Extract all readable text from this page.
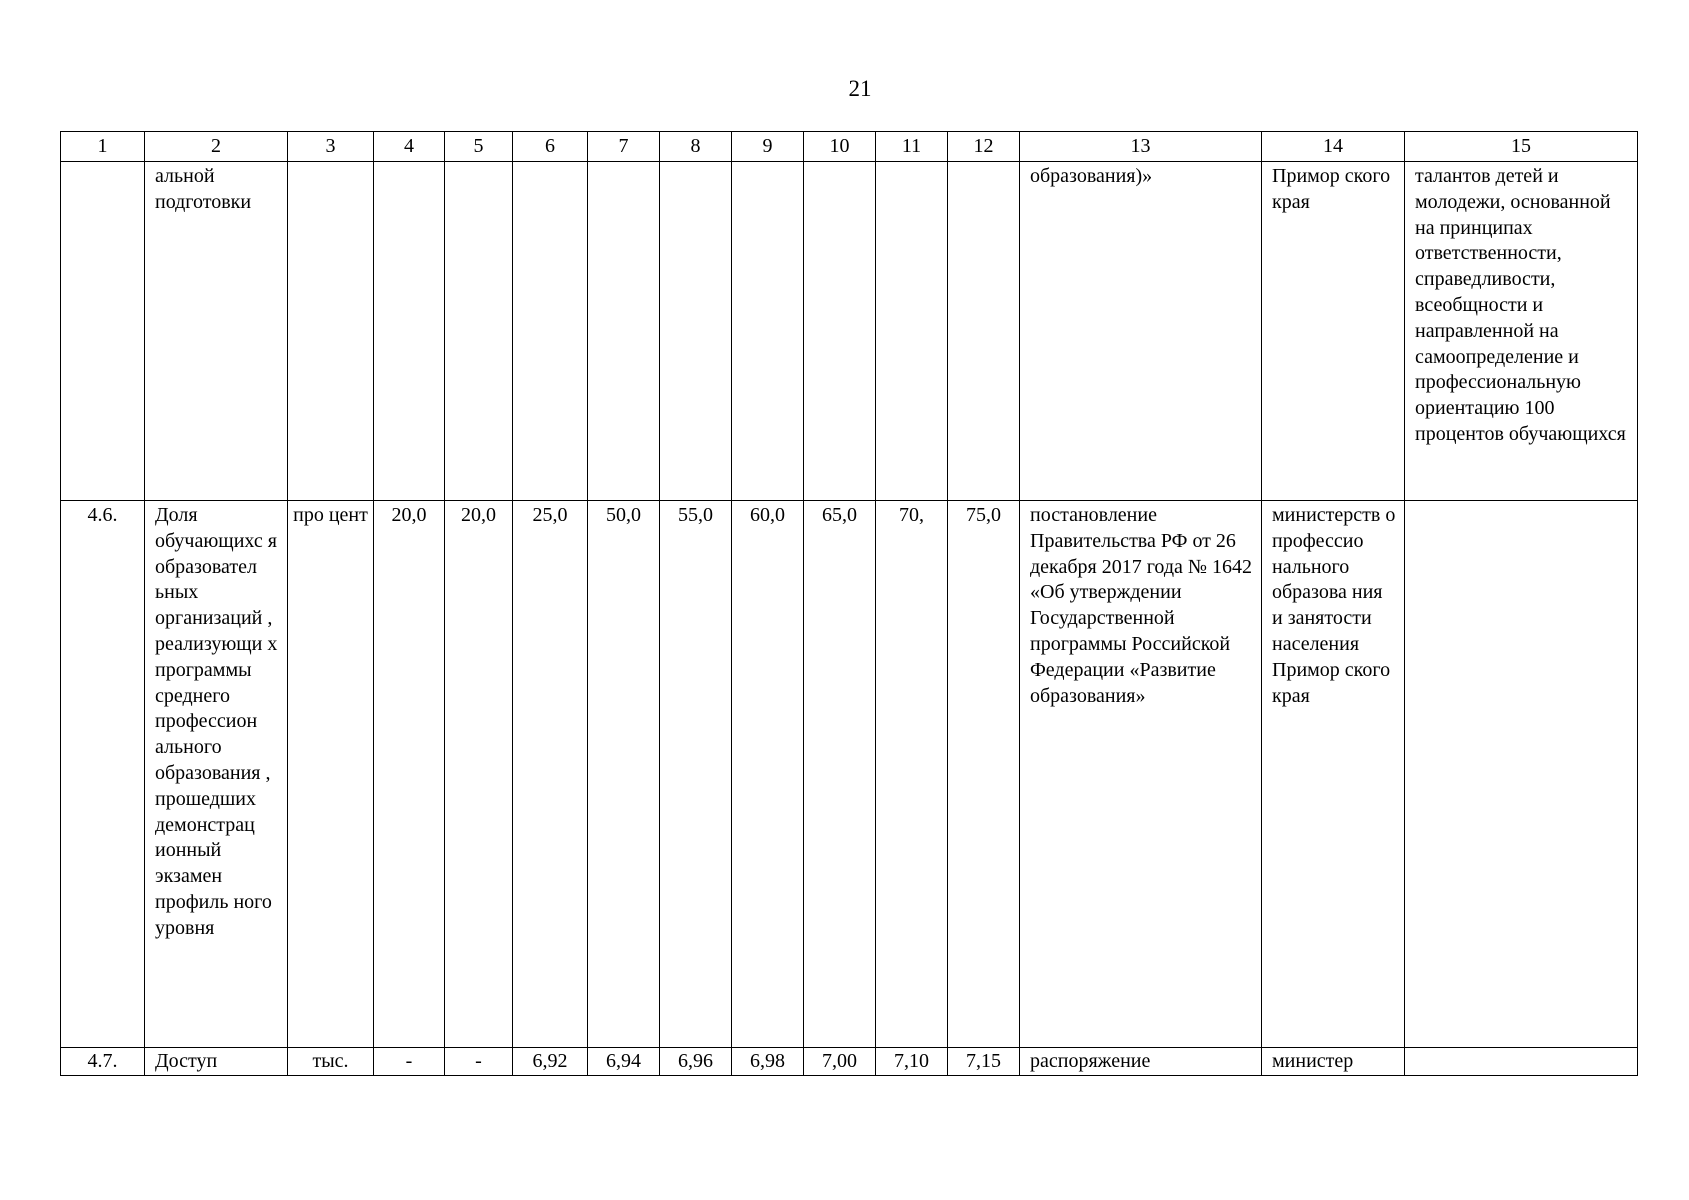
21
1	2	3	4	5	6	7	8	9	10	11	12	13	14	15
	альной подготовки											образования)»	Примор ского края	талантов детей и молодежи, основанной на принципах ответственности, справедливости, всеобщности и направленной на самоопределение и профессиональную ориентацию 100 процентов обучающихся
4.6.	Доля обучающихс я образовател ьных организаций , реализующи х программы среднего профессион ального образования , прошедших демонстрац ионный экзамен профиль ного уровня	про цент	20,0	20,0	25,0	50,0	55,0	60,0	65,0	70,	75,0	постановление Правительства РФ от 26 декабря 2017 года № 1642 «Об утверждении Государственной программы Российской Федерации «Развитие образования»	министерств о профессио нального образова ния и занятости населения Примор ского края	
4.7.	Доступ	тыс.	-	-	6,92	6,94	6,96	6,98	7,00	7,10	7,15	распоряжение	министер	
